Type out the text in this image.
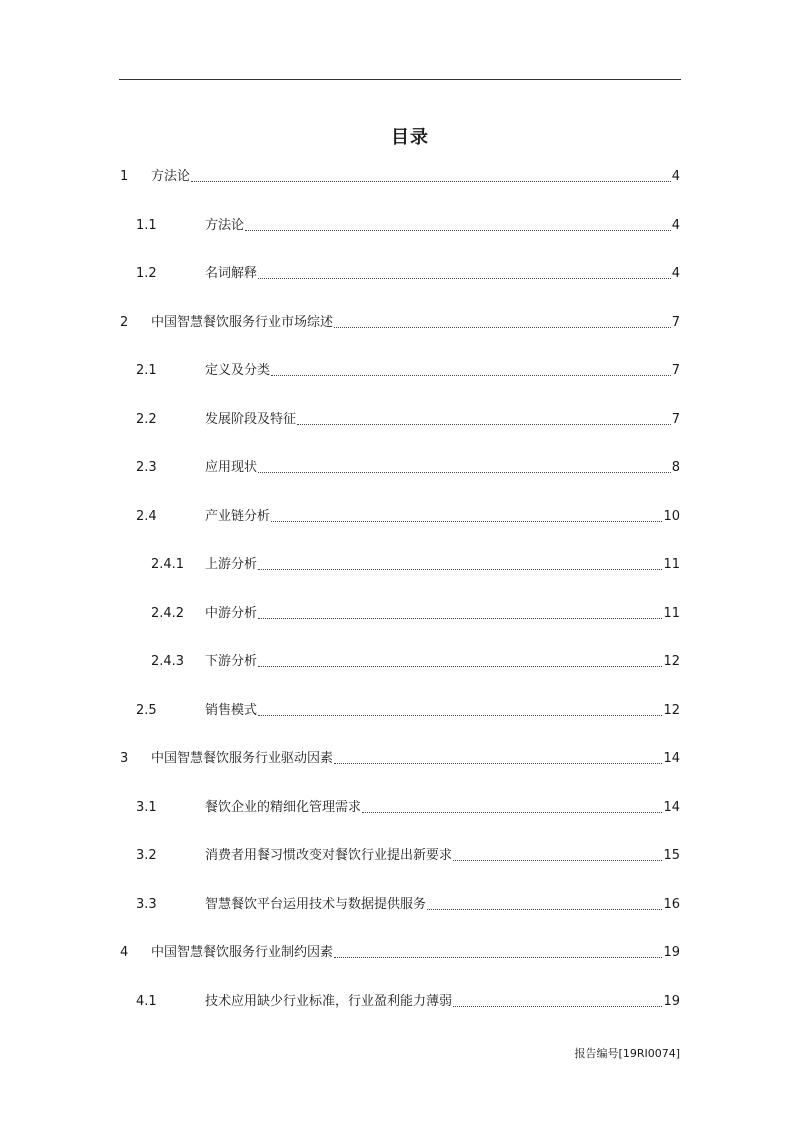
目录
1	方法论	4
1.1	方法论	4
1.2	名词解释	4
2	中国智慧餐饮服务行业市场综述	7
2.1	定义及分类	7
2.2	发展阶段及特征	7
2.3	应用现状	8
2.4	产业链分析	10
2.4.1	上游分析	11
2.4.2	中游分析	11
2.4.3	下游分析	12
2.5	销售模式	12
3	中国智慧餐饮服务行业驱动因素	14
3.1	餐饮企业的精细化管理需求	14
3.2	消费者用餐习惯改变对餐饮行业提出新要求	15
3.3	智慧餐饮平台运用技术与数据提供服务	16
4	中国智慧餐饮服务行业制约因素	19
4.1	技术应用缺少行业标准，行业盈利能力薄弱	19
报告编号[19RI0074]
